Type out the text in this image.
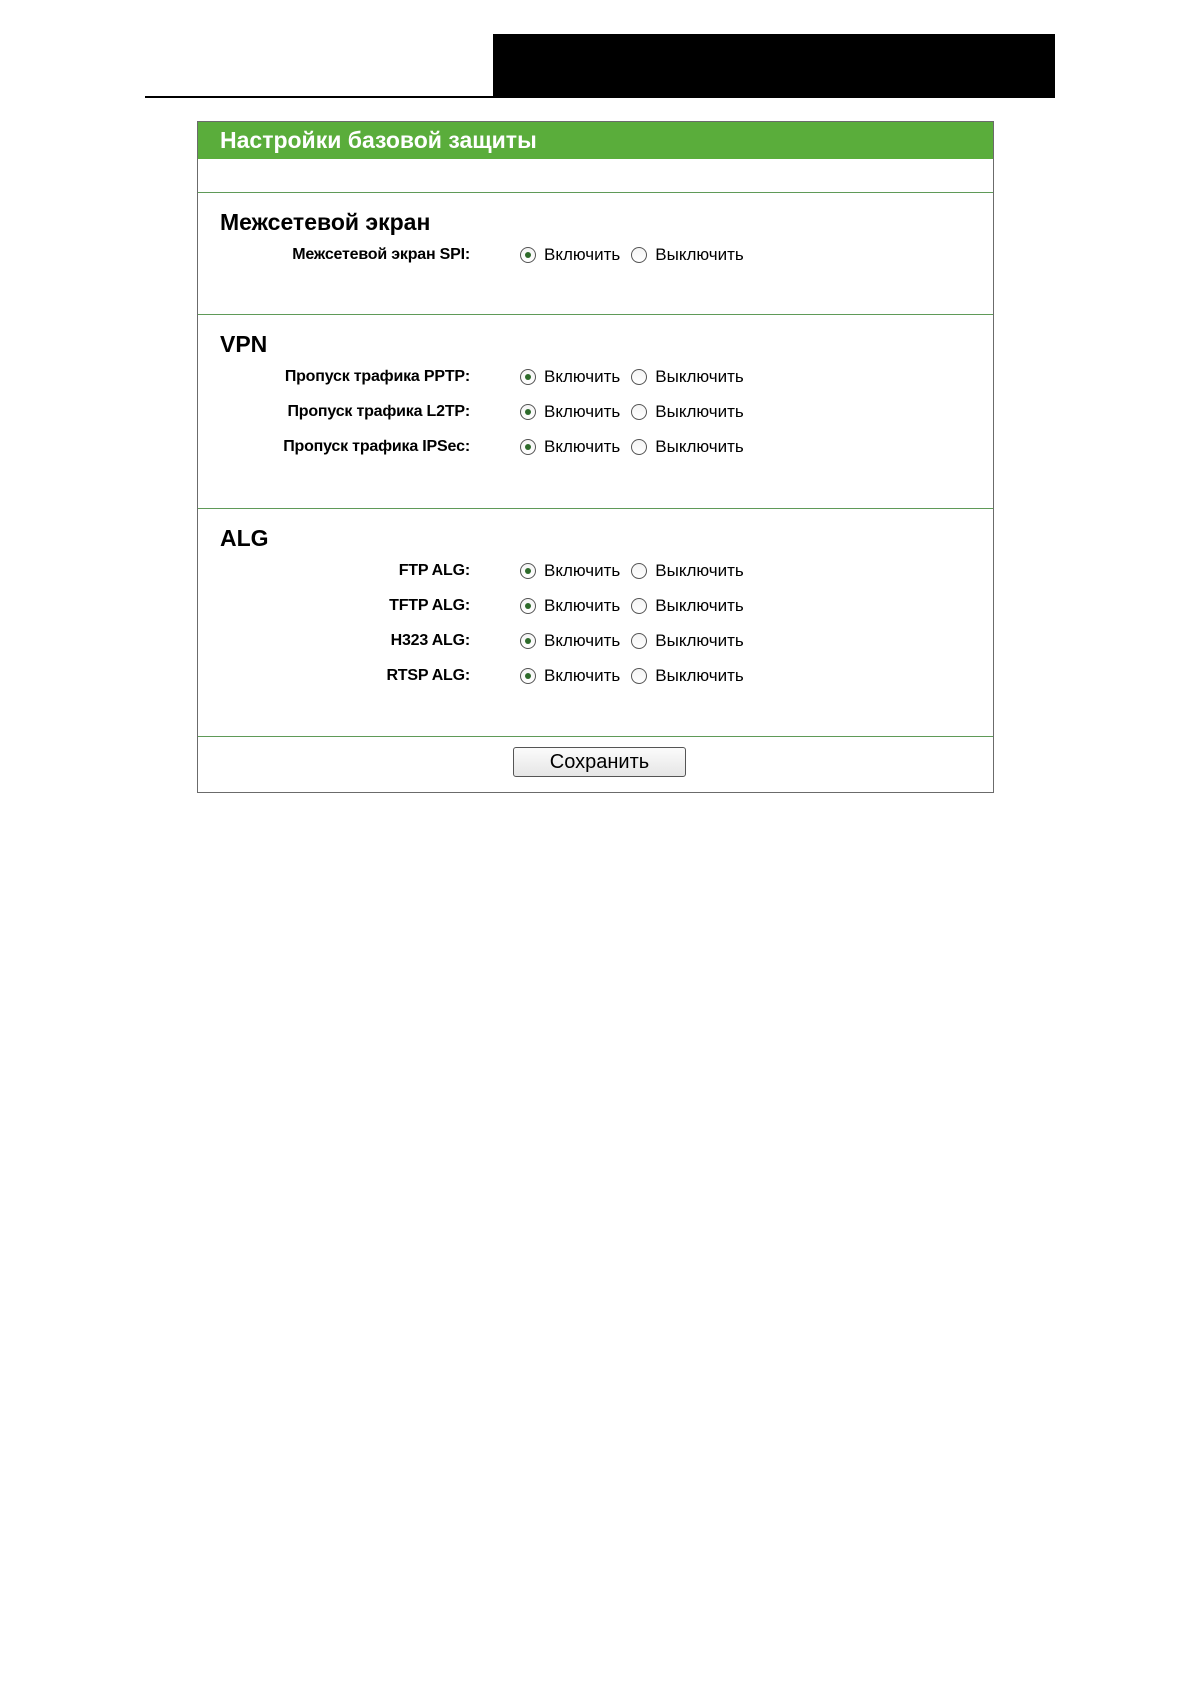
Настройки базовой защиты
Межсетевой экран
Межсетевой экран SPI:	Включить Выключить
VPN
Пропуск трафика PPTP:	Включить Выключить
Пропуск трафика L2TP:	Включить Выключить
Пропуск трафика IPSec:	Включить Выключить
ALG
FTP ALG:	Включить Выключить
TFTP ALG:	Включить Выключить
H323 ALG:	Включить Выключить
RTSP ALG:	Включить Выключить
Сохранить
